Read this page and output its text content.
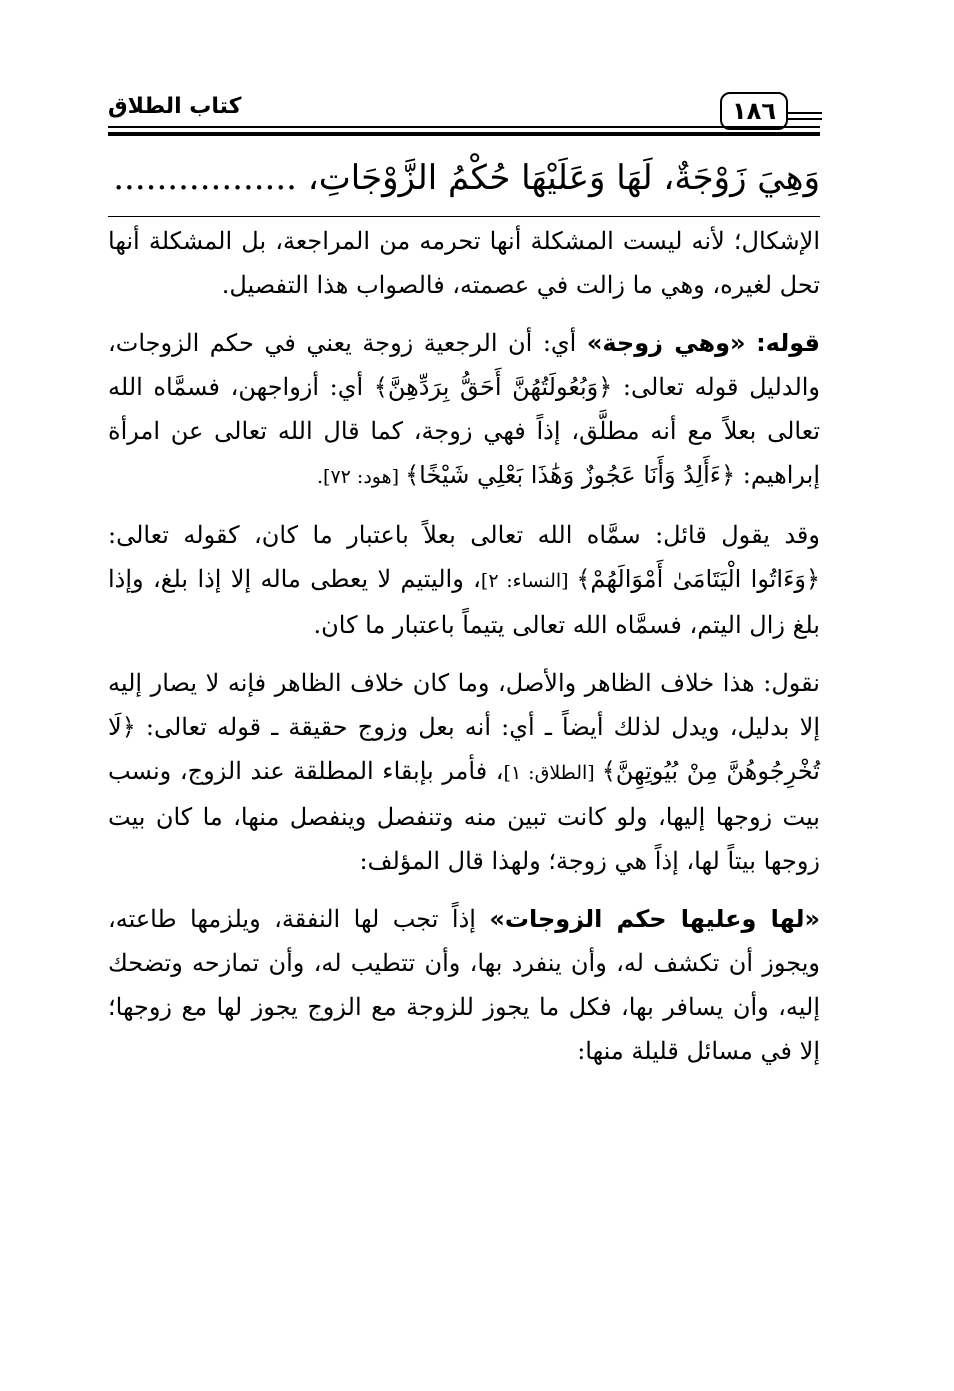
كتاب الطلاق	١٨٦
وَهِيَ زَوْجَةٌ، لَهَا وَعَلَيْهَا حُكْمُ الزَّوْجَاتِ، .................

الإشكال؛ لأنه ليست المشكلة أنها تحرمه من المراجعة، بل المشكلة أنها تحل لغيره، وهي ما زالت في عصمته، فالصواب هذا التفصيل.

قوله: «وهي زوجة» أي: أن الرجعية زوجة يعني في حكم الزوجات، والدليل قوله تعالى: ﴿وَبُعُولَتُهُنَّ أَحَقُّ بِرَدِّهِنَّ﴾ أي: أزواجهن، فسمَّاه الله تعالى بعلاً مع أنه مطلَّق، إذاً فهي زوجة، كما قال الله تعالى عن امرأة إبراهيم: ﴿ءَأَلِدُ وَأَنَا عَجُوزٌ وَهَٰذَا بَعْلِي شَيْخًا﴾ [هود: ٧٢].

وقد يقول قائل: سمَّاه الله تعالى بعلاً باعتبار ما كان، كقوله تعالى: ﴿وَءَاتُوا الْيَتَامَىٰ أَمْوَالَهُمْ﴾ [النساء: ٢]، واليتيم لا يعطى ماله إلا إذا بلغ، وإذا بلغ زال اليتم، فسمَّاه الله تعالى يتيماً باعتبار ما كان.

نقول: هذا خلاف الظاهر والأصل، وما كان خلاف الظاهر فإنه لا يصار إليه إلا بدليل، ويدل لذلك أيضاً ـ أي: أنه بعل وزوج حقيقة ـ قوله تعالى: ﴿لَا تُخْرِجُوهُنَّ مِنْ بُيُوتِهِنَّ﴾ [الطلاق: ١]، فأمر بإبقاء المطلقة عند الزوج، ونسب بيت زوجها إليها، ولو كانت تبين منه وتنفصل وينفصل منها، ما كان بيت زوجها بيتاً لها، إذاً هي زوجة؛ ولهذا قال المؤلف:

«لها وعليها حكم الزوجات» إذاً تجب لها النفقة، ويلزمها طاعته، ويجوز أن تكشف له، وأن ينفرد بها، وأن تتطيب له، وأن تمازحه وتضحك إليه، وأن يسافر بها، فكل ما يجوز للزوجة مع الزوج يجوز لها مع زوجها؛ إلا في مسائل قليلة منها:
